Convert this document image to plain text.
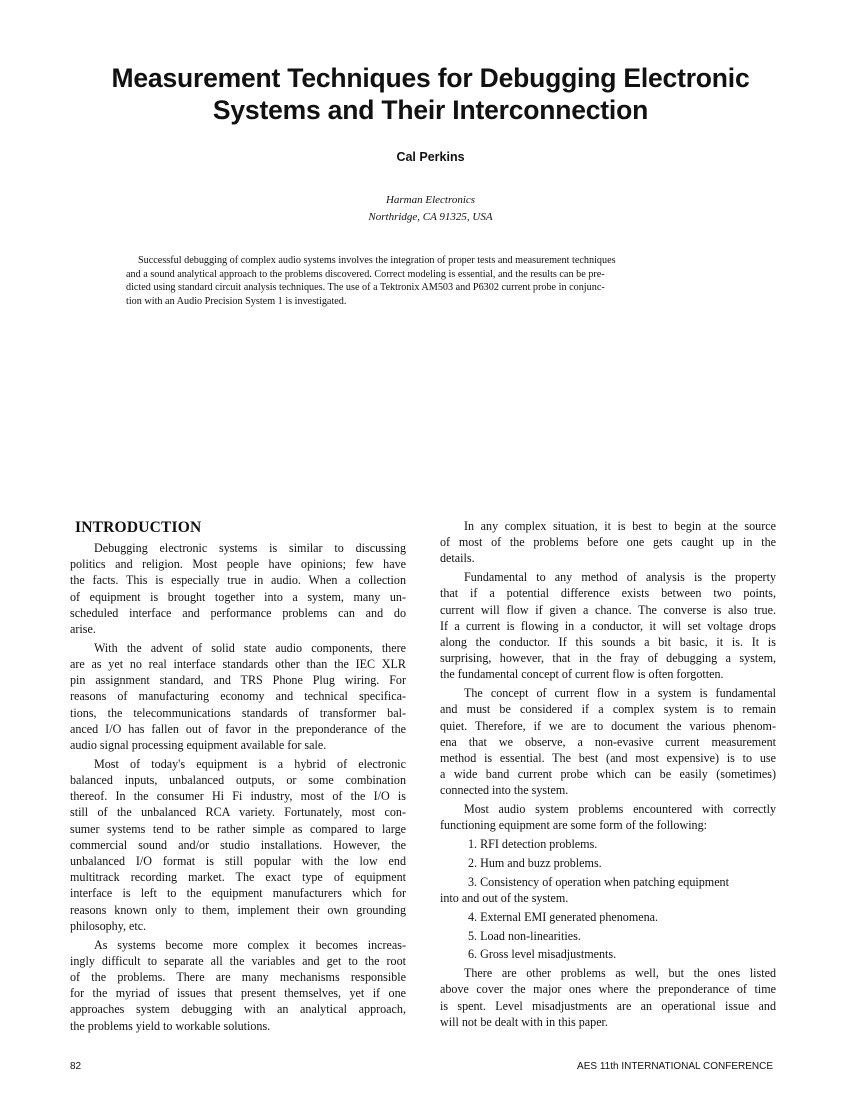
Measurement Techniques for Debugging Electronic
Systems and Their Interconnection
Cal Perkins
Harman Electronics
Northridge, CA 91325, USA
Successful debugging of complex audio systems involves the integration of proper tests and measurement techniques
and a sound analytical approach to the problems discovered. Correct modeling is essential, and the results can be pre-
dicted using standard circuit analysis techniques. The use of a Tektronix AM503 and P6302 current probe in conjunc-
tion with an Audio Precision System 1 is investigated.
INTRODUCTION
Debugging electronic systems is similar to discussing
politics and religion. Most people have opinions; few have
the facts. This is especially true in audio. When a collection
of equipment is brought together into a system, many un-
scheduled interface and performance problems can and do
arise.
With the advent of solid state audio components, there
are as yet no real interface standards other than the IEC XLR
pin assignment standard, and TRS Phone Plug wiring. For
reasons of manufacturing economy and technical specifica-
tions, the telecommunications standards of transformer bal-
anced I/O has fallen out of favor in the preponderance of the
audio signal processing equipment available for sale.
Most of today's equipment is a hybrid of electronic
balanced inputs, unbalanced outputs, or some combination
thereof. In the consumer Hi Fi industry, most of the I/O is
still of the unbalanced RCA variety. Fortunately, most con-
sumer systems tend to be rather simple as compared to large
commercial sound and/or studio installations. However, the
unbalanced I/O format is still popular with the low end
multitrack recording market. The exact type of equipment
interface is left to the equipment manufacturers which for
reasons known only to them, implement their own grounding
philosophy, etc.
As systems become more complex it becomes increas-
ingly difficult to separate all the variables and get to the root
of the problems. There are many mechanisms responsible
for the myriad of issues that present themselves, yet if one
approaches system debugging with an analytical approach,
the problems yield to workable solutions.
In any complex situation, it is best to begin at the source
of most of the problems before one gets caught up in the
details.
Fundamental to any method of analysis is the property
that if a potential difference exists between two points,
current will flow if given a chance. The converse is also true.
If a current is flowing in a conductor, it will set voltage drops
along the conductor. If this sounds a bit basic, it is. It is
surprising, however, that in the fray of debugging a system,
the fundamental concept of current flow is often forgotten.
The concept of current flow in a system is fundamental
and must be considered if a complex system is to remain
quiet. Therefore, if we are to document the various phenom-
ena that we observe, a non-evasive current measurement
method is essential. The best (and most expensive) is to use
a wide band current probe which can be easily (sometimes)
connected into the system.
Most audio system problems encountered with correctly
functioning equipment are some form of the following:
1. RFI detection problems.
2. Hum and buzz problems.
3. Consistency of operation when patching equipment
into and out of the system.
4. External EMI generated phenomena.
5. Load non-linearities.
6. Gross level misadjustments.
There are other problems as well, but the ones listed
above cover the major ones where the preponderance of time
is spent. Level misadjustments are an operational issue and
will not be dealt with in this paper.
82	AES 11th INTERNATIONAL CONFERENCE
